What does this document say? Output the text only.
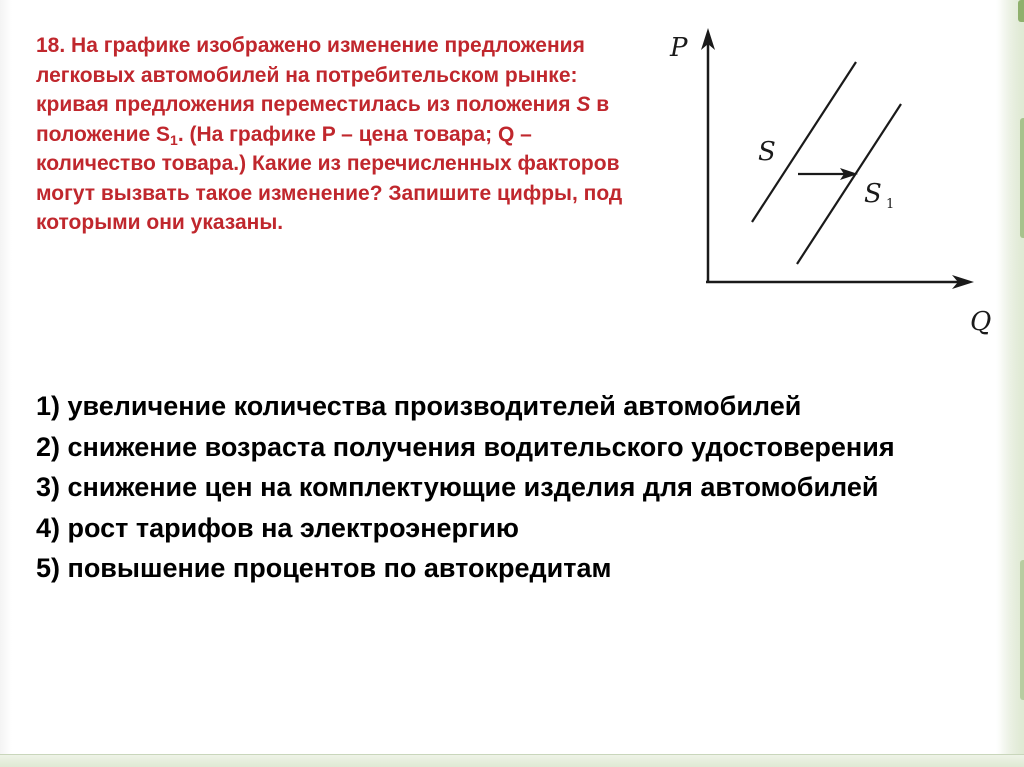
18. На графике изображено изменение предложения легковых автомобилей на потребительском рынке: кривая предложения переместилась из положения S в положение $S_1$. (На графике P – цена товара; Q – количество товара.) Какие из перечисленных факторов могут вызвать такое изменение? Запишите цифры, под которыми они указаны.
P
Q
S
S 1
1) увеличение количества производителей автомобилей
2) снижение возраста получения водительского удостоверения
3) снижение цен на комплектующие изделия для автомобилей
4) рост тарифов на электроэнергию
5) повышение процентов по автокредитам
